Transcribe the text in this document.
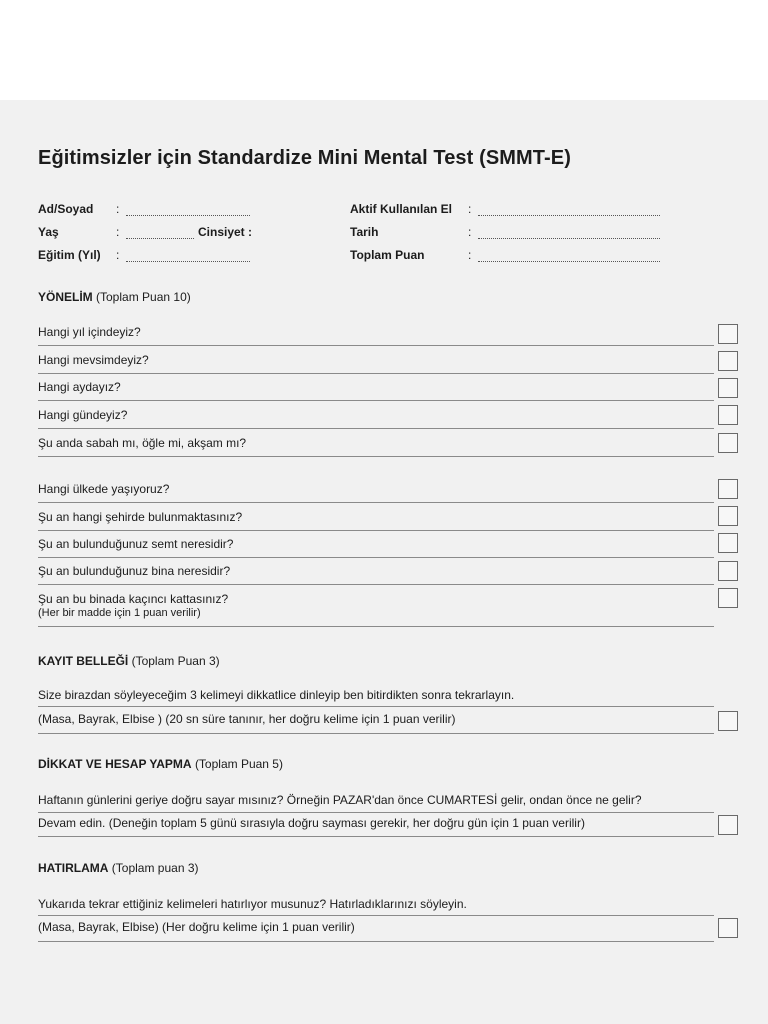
Eğitimsizler için Standardize Mini Mental Test (SMMT-E)
Ad/Soyad :
Yaş	:	Cinsiyet :
Eğitim (Yıl) :
Aktif Kullanılan El :
Tarih	:
Toplam Puan	:
YÖNELİM (Toplam Puan 10)
Hangi yıl içindeyiz?
Hangi mevsimdeyiz?
Hangi aydayız?
Hangi gündeyiz?
Şu anda sabah mı, öğle mi, akşam mı?
Hangi ülkede yaşıyoruz?
Şu an hangi şehirde bulunmaktasınız?
Şu an bulunduğunuz semt neresidir?
Şu an bulunduğunuz bina neresidir?
Şu an bu binada kaçıncı kattasınız?
(Her bir madde için 1 puan verilir)
KAYIT BELLEĞİ (Toplam Puan 3)
Size birazdan söyleyeceğim 3 kelimeyi dikkatlice dinleyip ben bitirdikten sonra tekrarlayın.
(Masa, Bayrak, Elbise ) (20 sn süre tanınır, her doğru kelime için 1 puan verilir)
DİKKAT VE HESAP YAPMA (Toplam Puan 5)
Haftanın günlerini geriye doğru sayar mısınız? Örneğin PAZAR'dan önce CUMARTESİ gelir, ondan önce ne gelir?
Devam edin. (Deneğin toplam 5 günü sırasıyla doğru sayması gerekir, her doğru gün için 1 puan verilir)
HATIRLAMA (Toplam puan 3)
Yukarıda tekrar ettiğiniz kelimeleri hatırlıyor musunuz? Hatırladıklarınızı söyleyin.
(Masa, Bayrak, Elbise) (Her doğru kelime için 1 puan verilir)
